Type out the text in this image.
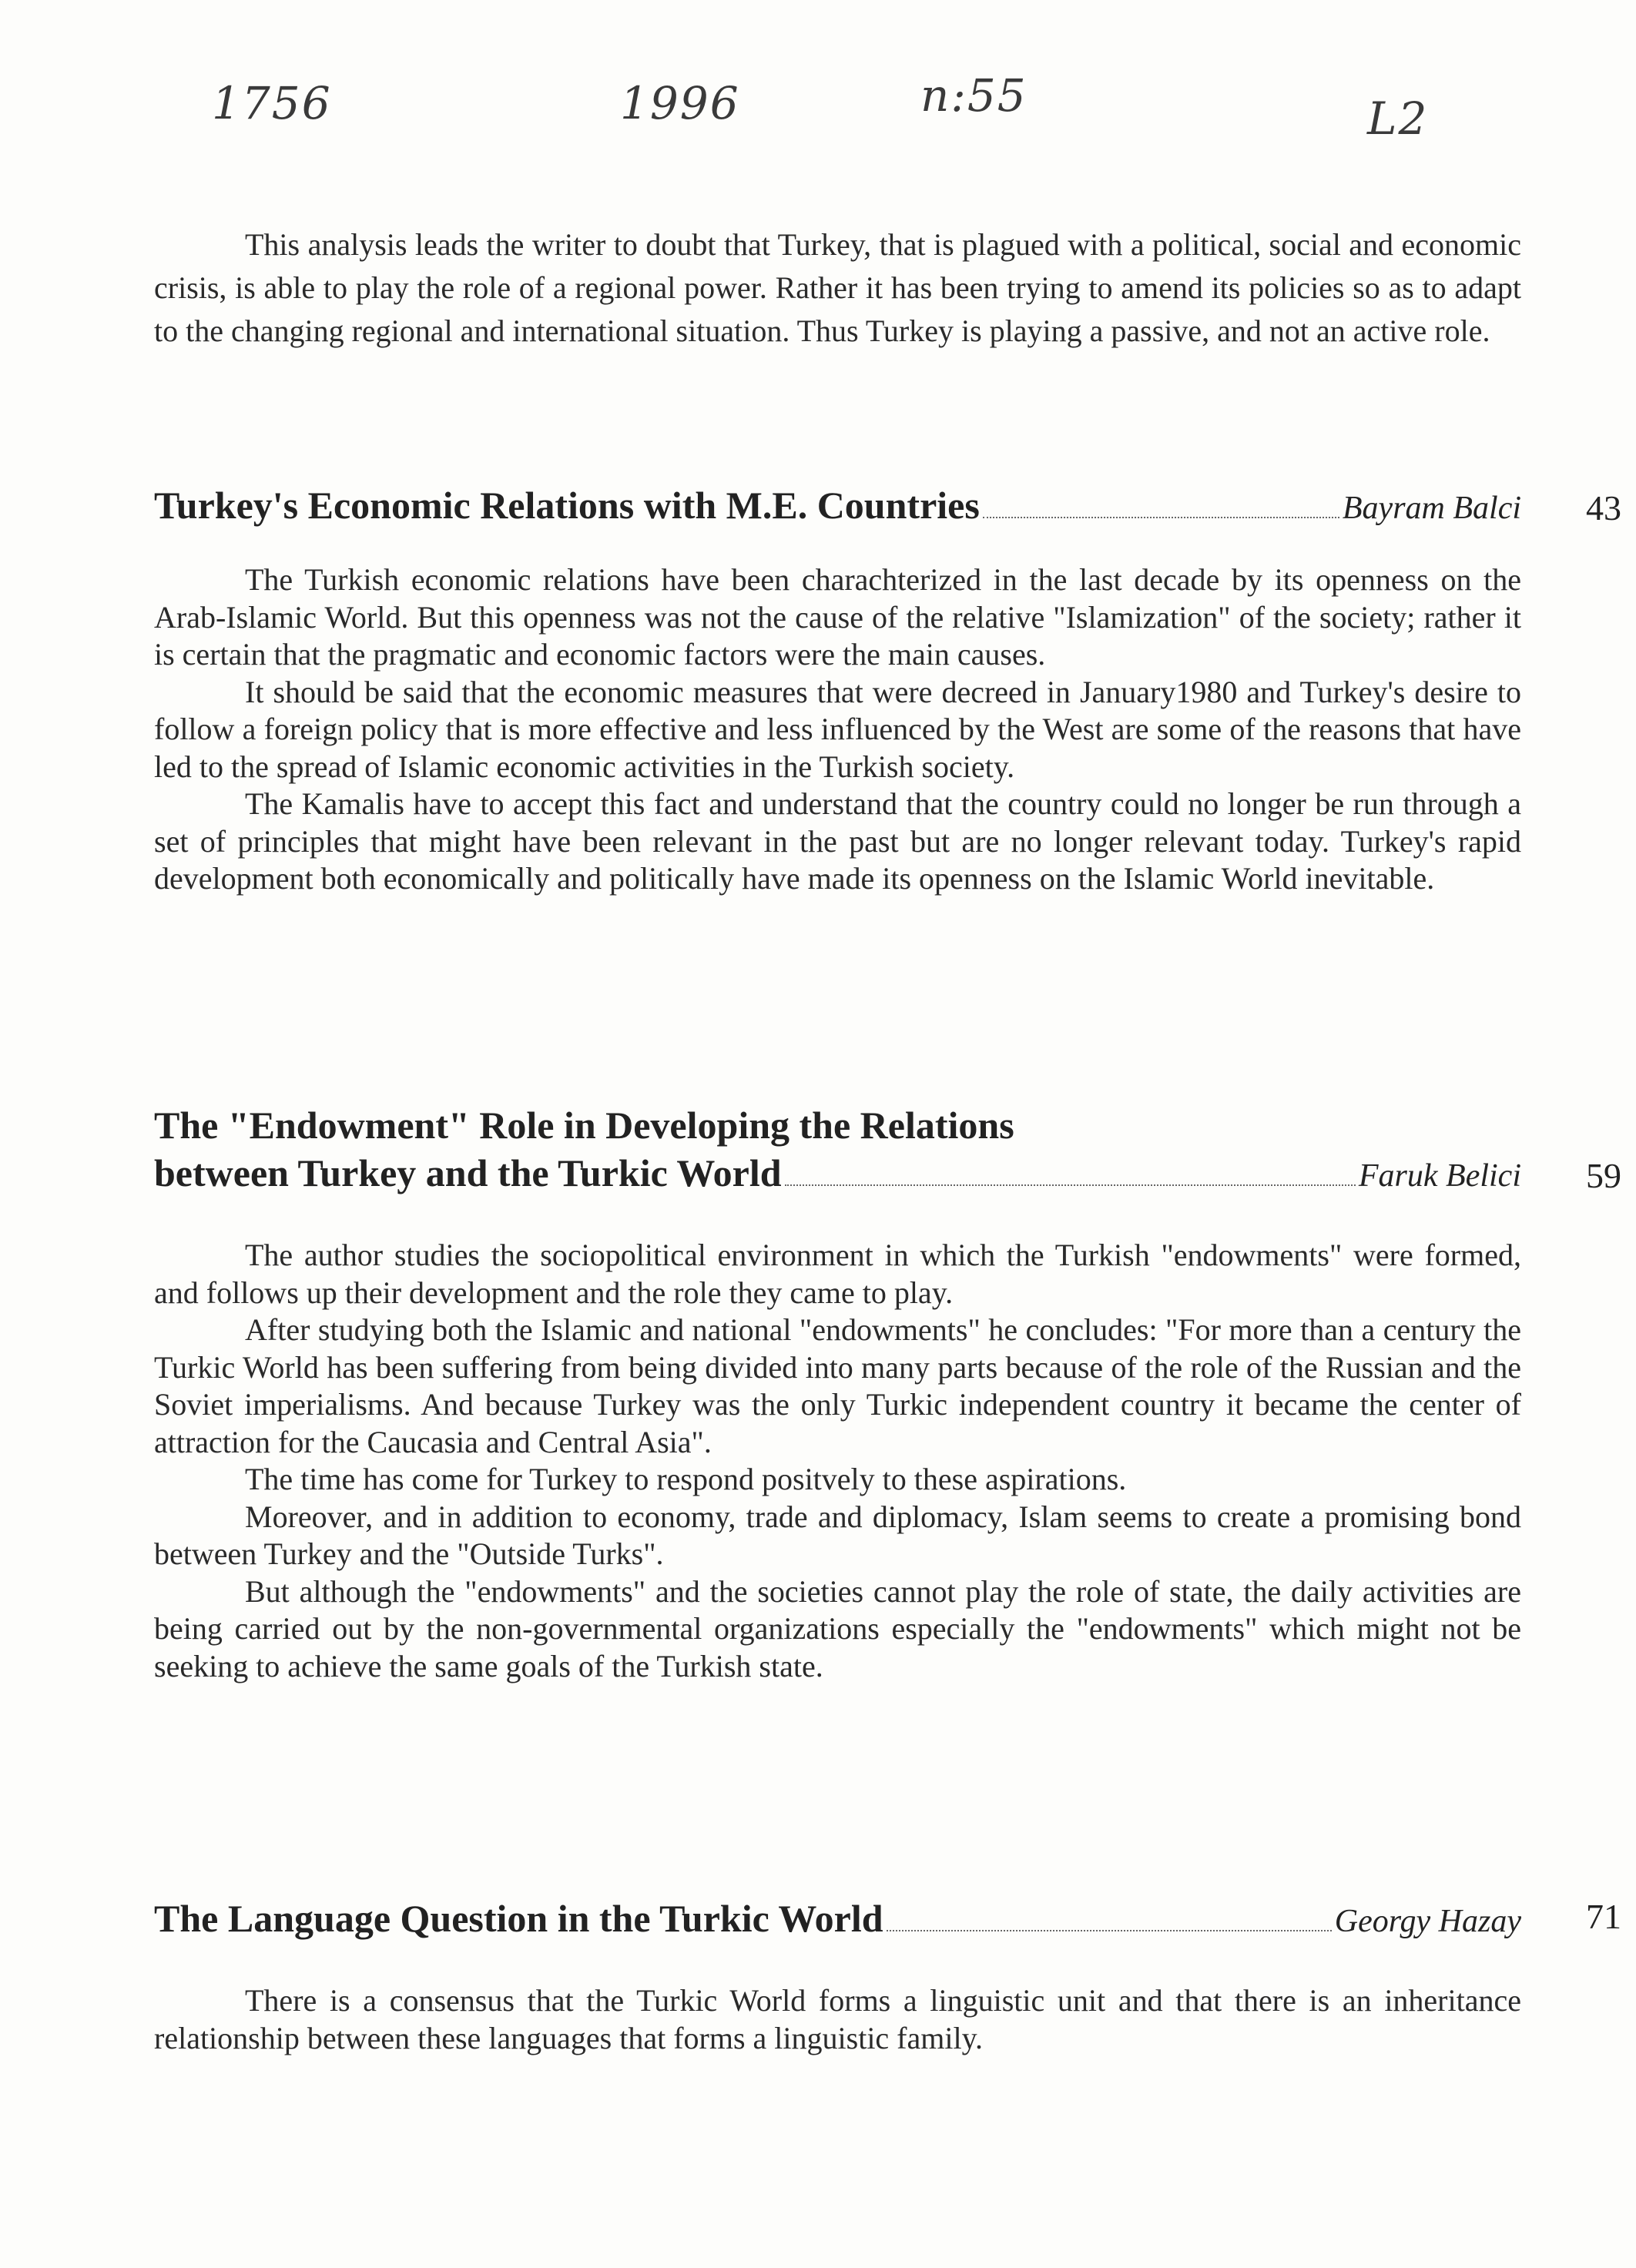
1756	1996	n:55	L2

This analysis leads the writer to doubt that Turkey, that is plagued with a political, social and economic crisis, is able to play the role of a regional power. Rather it has been trying to amend its policies so as to adapt to the changing regional and international situation. Thus Turkey is playing a passive, and not an active role.

Turkey's Economic Relations with M.E. Countries	Bayram Balci 43

The Turkish economic relations have been charachterized in the last decade by its openness on the Arab-Islamic World. But this openness was not the cause of the relative "Islamization" of the society; rather it is certain that the pragmatic and economic factors were the main causes.

It should be said that the economic measures that were decreed in January1980 and Turkey's desire to follow a foreign policy that is more effective and less influenced by the West are some of the reasons that have led to the spread of Islamic economic activities in the Turkish society.

The Kamalis have to accept this fact and understand that the country could no longer be run through a set of principles that might have been relevant in the past but are no longer relevant today. Turkey's rapid development both economically and politically have made its openness on the Islamic World inevitable.

The "Endowment" Role in Developing the Relations
between Turkey and the Turkic World	Faruk Belici 59

The author studies the sociopolitical environment in which the Turkish "endowments" were formed, and follows up their development and the role they came to play.

After studying both the Islamic and national "endowments" he concludes: "For more than a century the Turkic World has been suffering from being divided into many parts because of the role of the Russian and the Soviet imperialisms. And because Turkey was the only Turkic independent country it became the center of attraction for the Caucasia and Central Asia".

The time has come for Turkey to respond positvely to these aspirations.

Moreover, and in addition to economy, trade and diplomacy, Islam seems to create a promising bond between Turkey and the "Outside Turks".

But although the "endowments" and the societies cannot play the role of state, the daily activities are being carried out by the non-governmental organizations especially the "endowments" which might not be seeking to achieve the same goals of the Turkish state.

The Language Question in the Turkic World	Georgy Hazay 71

There is a consensus that the Turkic World forms a linguistic unit and that there is an inheritance relationship between these languages that forms a linguistic family.
